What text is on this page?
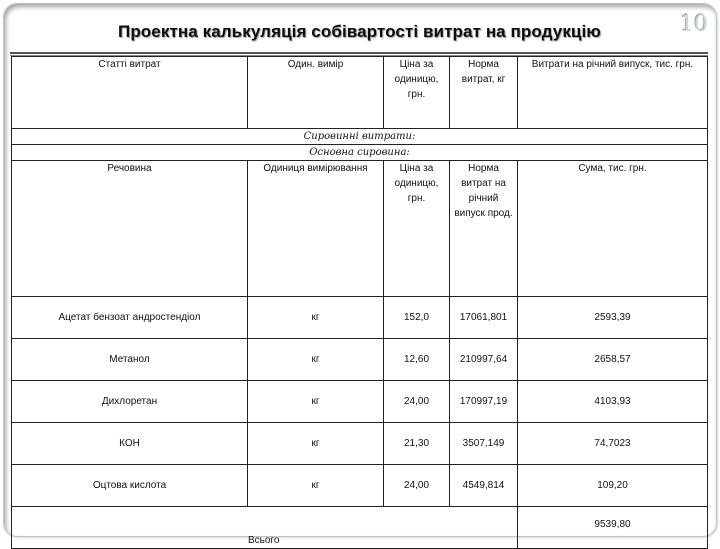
Проектна калькуляція собівартості витрат на продукцію	10
Статті витрат	Один. вимір	Ціна за одиницю, грн.	Норма витрат, кг	Витрати на річний випуск, тис. грн.
Сировинні витрати:				
Основна сировина:				
Речовина	Одиниця вимірювання	Ціна за одиницю, грн.	Норма витрат на річний випуск прод.	Сума, тис. грн.
Ацетат бензоат андростендіол	кг	152,0	17061,801	2593,39
Метанол	кг	12,60	210997,64	2658,57
Дихлоретан	кг	24,00	170997,19	4103,93
КОН	кг	21,30	3507,149	74,7023
Оцтова кислота	кг	24,00	4549,814	109,20
Всього				9539,80
